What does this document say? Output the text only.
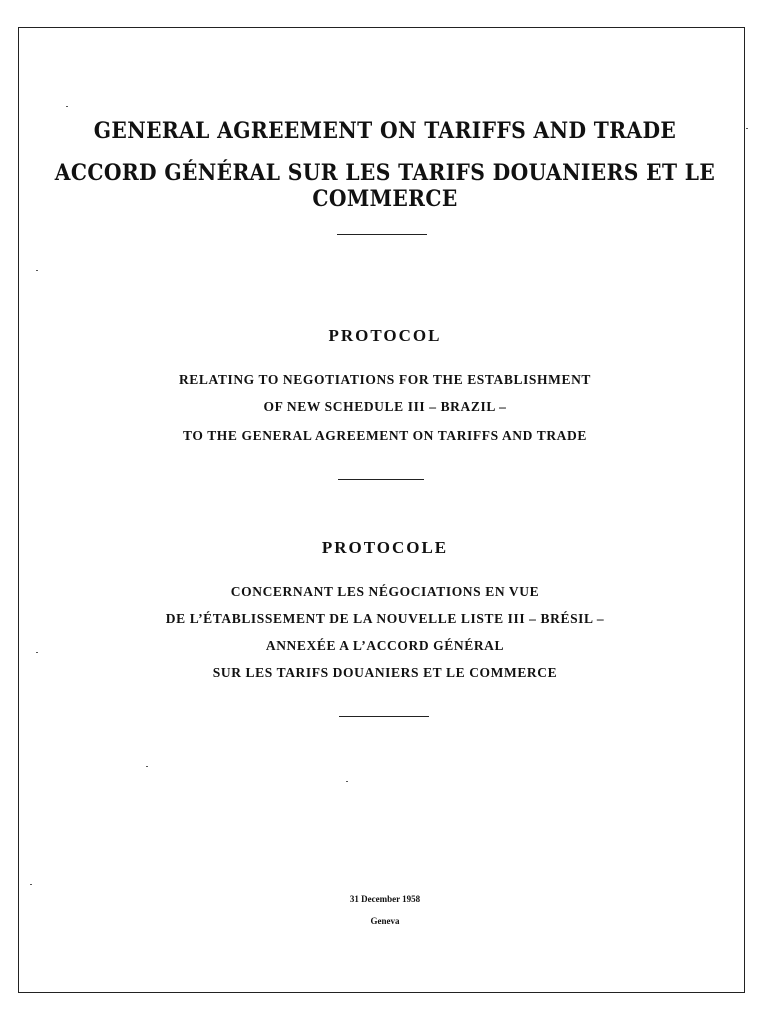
GENERAL AGREEMENT ON TARIFFS AND TRADE
ACCORD GÉNÉRAL SUR LES TARIFS DOUANIERS ET LE COMMERCE
PROTOCOL
RELATING TO NEGOTIATIONS FOR THE ESTABLISHMENT
OF NEW SCHEDULE III – BRAZIL –
TO THE GENERAL AGREEMENT ON TARIFFS AND TRADE
PROTOCOLE
CONCERNANT LES NÉGOCIATIONS EN VUE
DE L’ÉTABLISSEMENT DE LA NOUVELLE LISTE III – BRÉSIL –
ANNEXÉE A L’ACCORD GÉNÉRAL
SUR LES TARIFS DOUANIERS ET LE COMMERCE
31 December 1958
Geneva
